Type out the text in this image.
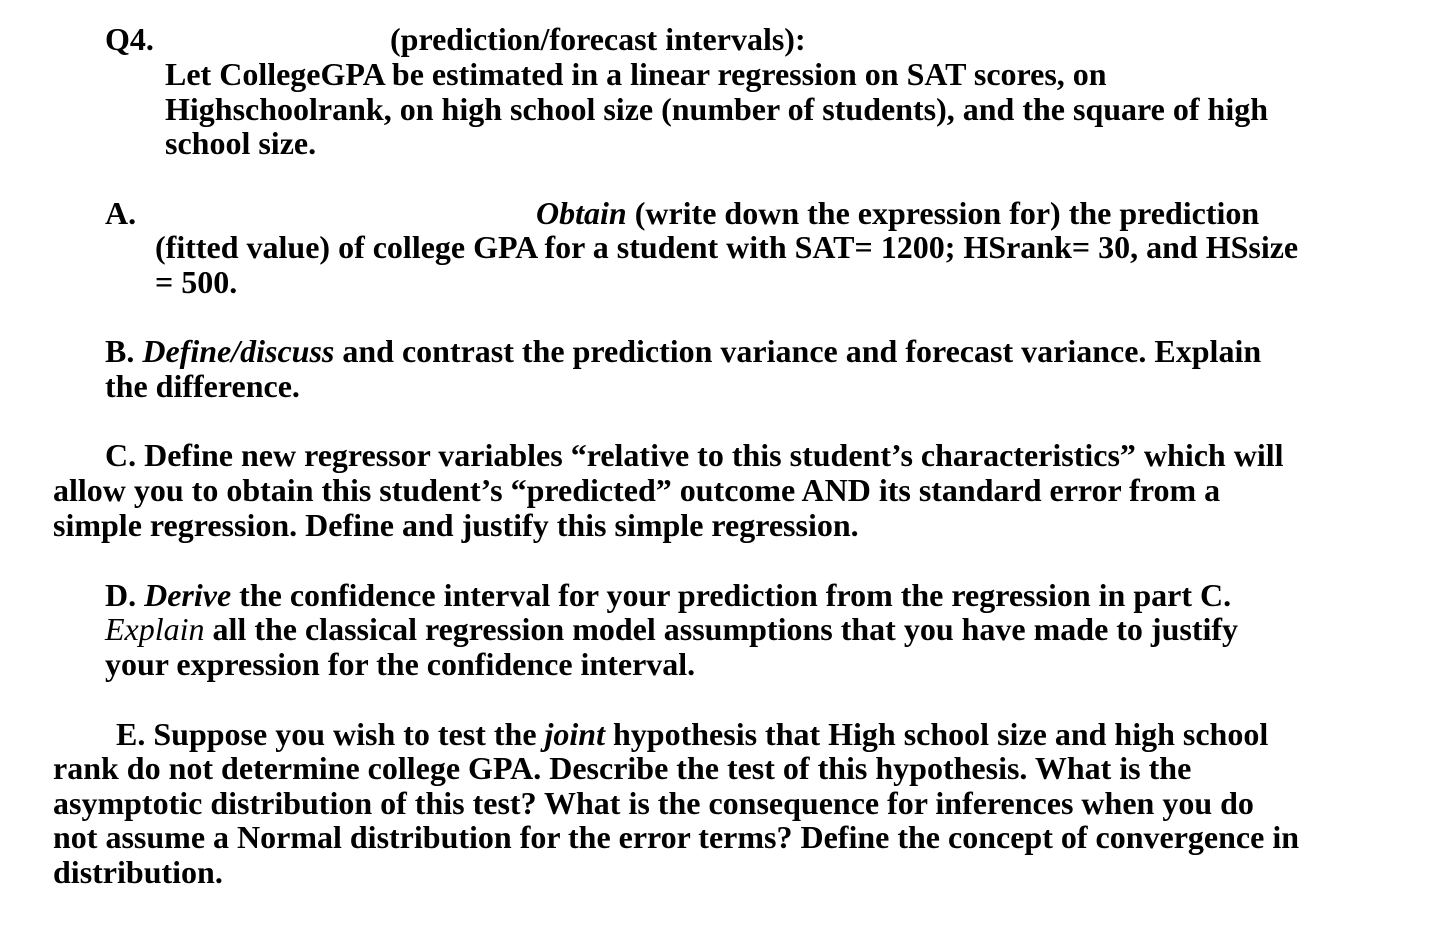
Q4.	(prediction/forecast intervals):
Let CollegeGPA be estimated in a linear regression on SAT scores, on
Highschoolrank, on high school size (number of students), and the square of high
school size.
A.	Obtain (write down the expression for) the prediction
(fitted value) of college GPA for a student with SAT= 1200; HSrank= 30, and HSsize
= 500.
B. Define/discuss and contrast the prediction variance and forecast variance. Explain
the difference.
C. Define new regressor variables “relative to this student’s characteristics” which will
allow you to obtain this student’s “predicted” outcome AND its standard error from a
simple regression. Define and justify this simple regression.
D. Derive the confidence interval for your prediction from the regression in part C.
Explain all the classical regression model assumptions that you have made to justify
your expression for the confidence interval.
E. Suppose you wish to test the joint hypothesis that High school size and high school
rank do not determine college GPA. Describe the test of this hypothesis. What is the
asymptotic distribution of this test? What is the consequence for inferences when you do
not assume a Normal distribution for the error terms? Define the concept of convergence in
distribution.
